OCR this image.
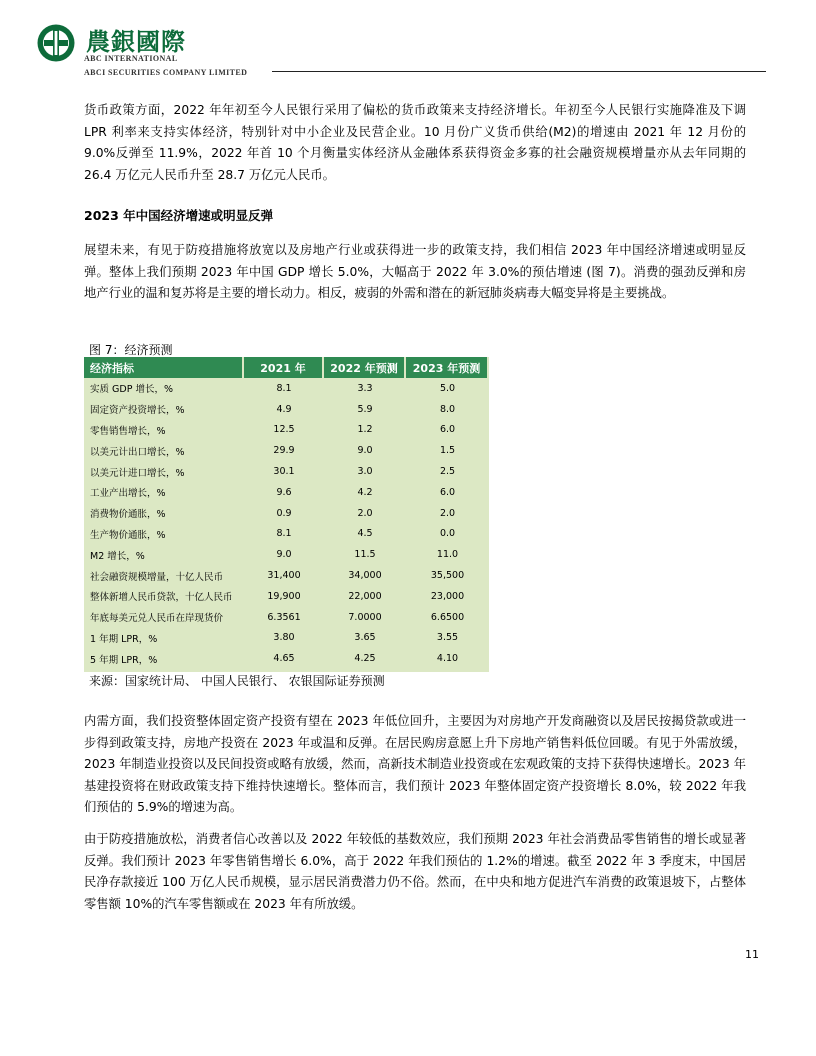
農銀國際
ABC INTERNATIONAL
ABCI SECURITIES COMPANY LIMITED

货币政策方面，2022 年年初至今人民银行采用了偏松的货币政策来支持经济增长。年初至今人民银行实施降准及下调 LPR 利率来支持实体经济，特别针对中小企业及民营企业。10 月份广义货币供给(M2)的增速由 2021 年 12 月份的 9.0%反弹至 11.9%，2022 年首 10 个月衡量实体经济从金融体系获得资金多寡的社会融资规模增量亦从去年同期的 26.4 万亿元人民币升至 28.7 万亿元人民币。

2023 年中国经济增速或明显反弹

展望未来，有见于防疫措施将放宽以及房地产行业或获得进一步的政策支持，我们相信 2023 年中国经济增速或明显反弹。整体上我们预期 2023 年中国 GDP 增长 5.0%，大幅高于 2022 年 3.0%的预估增速 (图 7)。消费的强劲反弹和房地产行业的温和复苏将是主要的增长动力。相反，疲弱的外需和潜在的新冠肺炎病毒大幅变异将是主要挑战。

图 7：经济预测

经济指标	2021 年	2022 年预测	2023 年预测
实质 GDP 增长，%	8.1	3.3	5.0
固定资产投资增长，%	4.9	5.9	8.0
零售销售增长，%	12.5	1.2	6.0
以美元计出口增长，%	29.9	9.0	1.5
以美元计进口增长，%	30.1	3.0	2.5
工业产出增长，%	9.6	4.2	6.0
消费物价通胀，%	0.9	2.0	2.0
生产物价通胀，%	8.1	4.5	0.0
M2 增长，%	9.0	11.5	11.0
社会融资规模增量，十亿人民币	31,400	34,000	35,500
整体新增人民币贷款，十亿人民币	19,900	22,000	23,000
年底每美元兑人民币在岸现货价	6.3561	7.0000	6.6500
1 年期 LPR，%	3.80	3.65	3.55
5 年期 LPR，%	4.65	4.25	4.10

来源：国家统计局、 中国人民银行、 农银国际证券预测

内需方面，我们投资整体固定资产投资有望在 2023 年低位回升，主要因为对房地产开发商融资以及居民按揭贷款或进一步得到政策支持，房地产投资在 2023 年或温和反弹。在居民购房意愿上升下房地产销售料低位回暖。有见于外需放缓，2023 年制造业投资以及民间投资或略有放缓，然而，高新技术制造业投资或在宏观政策的支持下获得快速增长。2023 年基建投资将在财政政策支持下维持快速增长。整体而言，我们预计 2023 年整体固定资产投资增长 8.0%，较 2022 年我们预估的 5.9%的增速为高。

由于防疫措施放松，消费者信心改善以及 2022 年较低的基数效应，我们预期 2023 年社会消费品零售销售的增长或显著反弹。我们预计 2023 年零售销售增长 6.0%，高于 2022 年我们预估的 1.2%的增速。截至 2022 年 3 季度末，中国居民净存款接近 100 万亿人民币规模，显示居民消费潜力仍不俗。然而，在中央和地方促进汽车消费的政策退坡下，占整体零售额 10%的汽车零售额或在 2023 年有所放缓。

11
